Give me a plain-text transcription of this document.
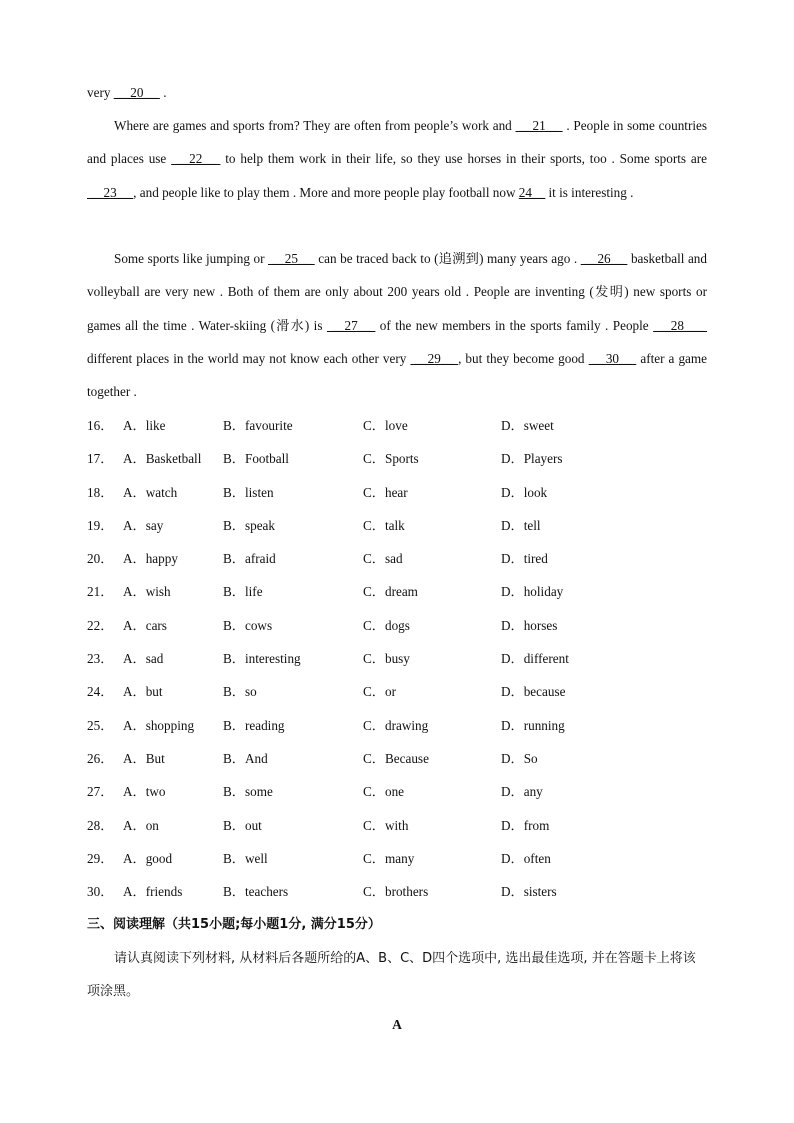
very  __20__  .

Where are games and sports from? They are often from people’s work and  __21__  . People in some countries and places use  __22__  to help them work in their life, so they use horses in their sports, too . Some sports are  __23__ , and people like to play them . More and more people play football now 24__ it is interesting .

Some sports like jumping or  __25__  can be traced back to (追溯到) many years ago .  __26__  basketball and volleyball are very new . Both of them are only about 200 years old . People are inventing (发明) new sports or games all the time . Water-skiing (滑水) is  __27__  of the new members in the sports family . People  __28___  different places in the world may not know each other very  __29__ , but they become good  __30__  after a game together .

16． A．like	B．favourite	C．love	D．sweet
17． A．Basketball B．Football	C．Sports	D．Players
18． A．watch	B．listen	C．hear	D．look
19． A．say	B．speak	C．talk	D．tell
20． A．happy	B．afraid	C．sad	D．tired
21． A．wish	B．life	C．dream	D．holiday
22． A．cars	B．cows	C．dogs	D．horses
23． A．sad	B．interesting	C．busy	D．different
24． A．but	B．so	C．or	D．because
25． A．shopping B．reading	C．drawing	D．running
26． A．But	B．And	C．Because	D．So
27． A．two	B．some	C．one	D．any
28． A．on	B．out	C．with	D．from
29． A．good	B．well	C．many	D．often
30． A．friends	B．teachers	C．brothers	D．sisters

三、阅读理解（共15小题;每小题1分, 满分15分）

请认真阅读下列材料, 从材料后各题所给的A、B、C、D四个选项中, 选出最佳选项, 并在答题卡上将该项涂黑。

A
